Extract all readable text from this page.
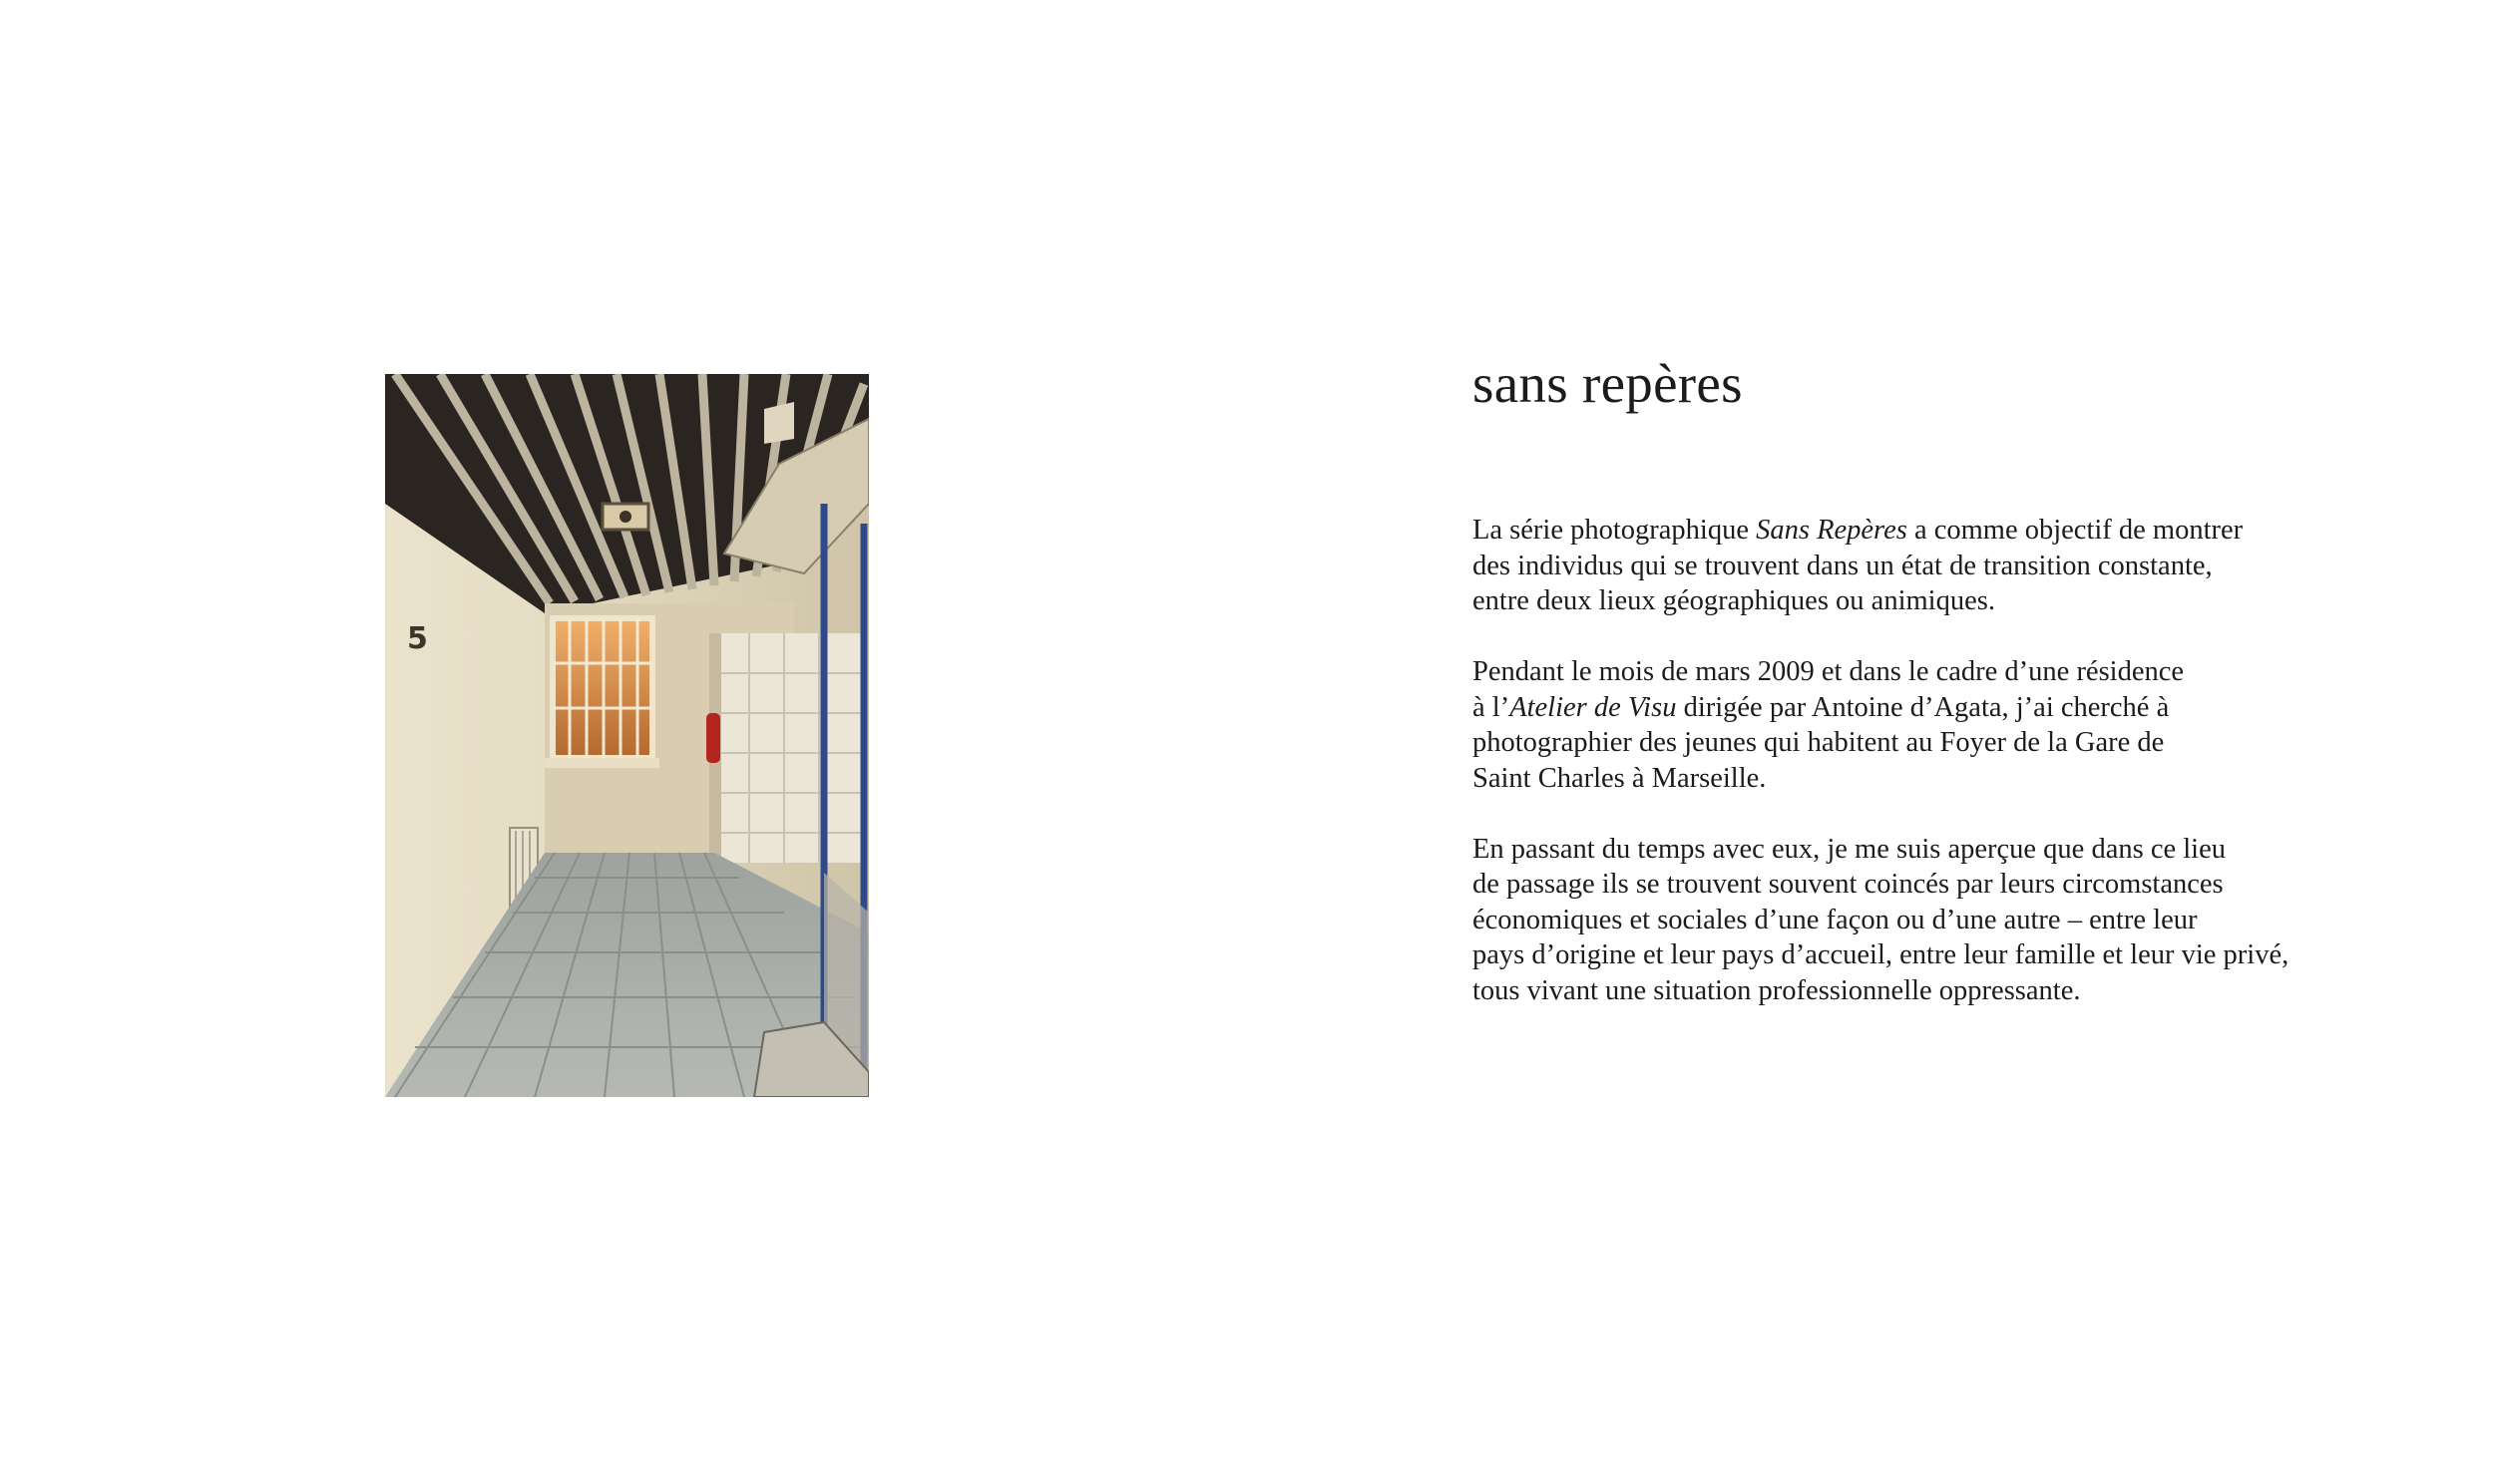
5
sans repères

La série photographique Sans Repères a comme objectif de montrer
des individus qui se trouvent dans un état de transition constante,
entre deux lieux géographiques ou animiques.

Pendant le mois de mars 2009 et dans le cadre d’une résidence
à l’Atelier de Visu dirigée par Antoine d’Agata, j’ai cherché à
photographier des jeunes qui habitent au Foyer de la Gare de
Saint Charles à Marseille.

En passant du temps avec eux, je me suis aperçue que dans ce lieu
de passage ils se trouvent souvent coincés par leurs circomstances
économiques et sociales d’une façon ou d’une autre – entre leur
pays d’origine et leur pays d’accueil, entre leur famille et leur vie privé,
tous vivant une situation professionnelle oppressante.
